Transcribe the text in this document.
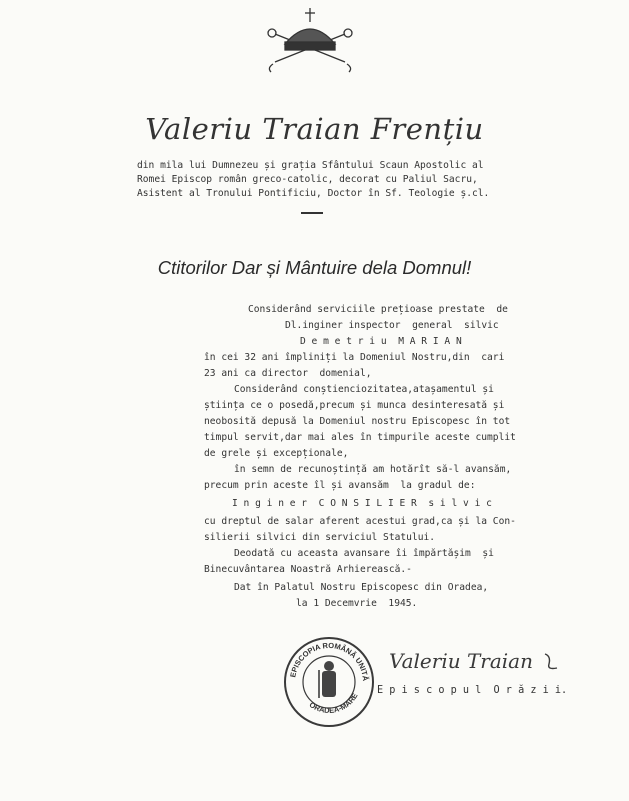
Valeriu Traian Frențiu
din mila lui Dumnezeu și grația Sfântului Scaun Apostolic al
Romei Episcop român greco-catolic, decorat cu Paliul Sacru,
Asistent al Tronului Pontificiu, Doctor în Sf. Teologie ș.cl.
Ctitorilor Dar și Mântuire dela Domnul!
Considerând serviciile prețioase prestate  de
Dl.inginer inspector  general  silvic
D e m e t r i u  M A R I A N
în cei 32 ani împliniți la Domeniul Nostru,din  cari
23 ani ca director  domenial,
Considerând conștienciozitatea,atașamentul și
știința ce o posedă,precum și munca desinteresată și
neobosită depusă la Domeniul nostru Episcopesc în tot
timpul servit,dar mai ales în timpurile aceste cumplit
de grele și excepționale,
în semn de recunoștință am hotărît să-l avansăm,
precum prin aceste îl și avansăm  la gradul de:
I n g i n e r  C O N S I L I E R  s i l v i c
cu dreptul de salar aferent acestui grad,ca și la Con-
silierii silvici din serviciul Statului.
Deodată cu aceasta avansare îi împărtășim  și
Binecuvântarea Noastră Arhierească.-
Dat în Palatul Nostru Episcopesc din Oradea,
la 1 Decemvrie  1945.
EPISCOPIA ROMÂNĂ UNITĂ
ORADEA-MARE
Valeriu Traian
E p i s c o p u l  O r ă z i i.
